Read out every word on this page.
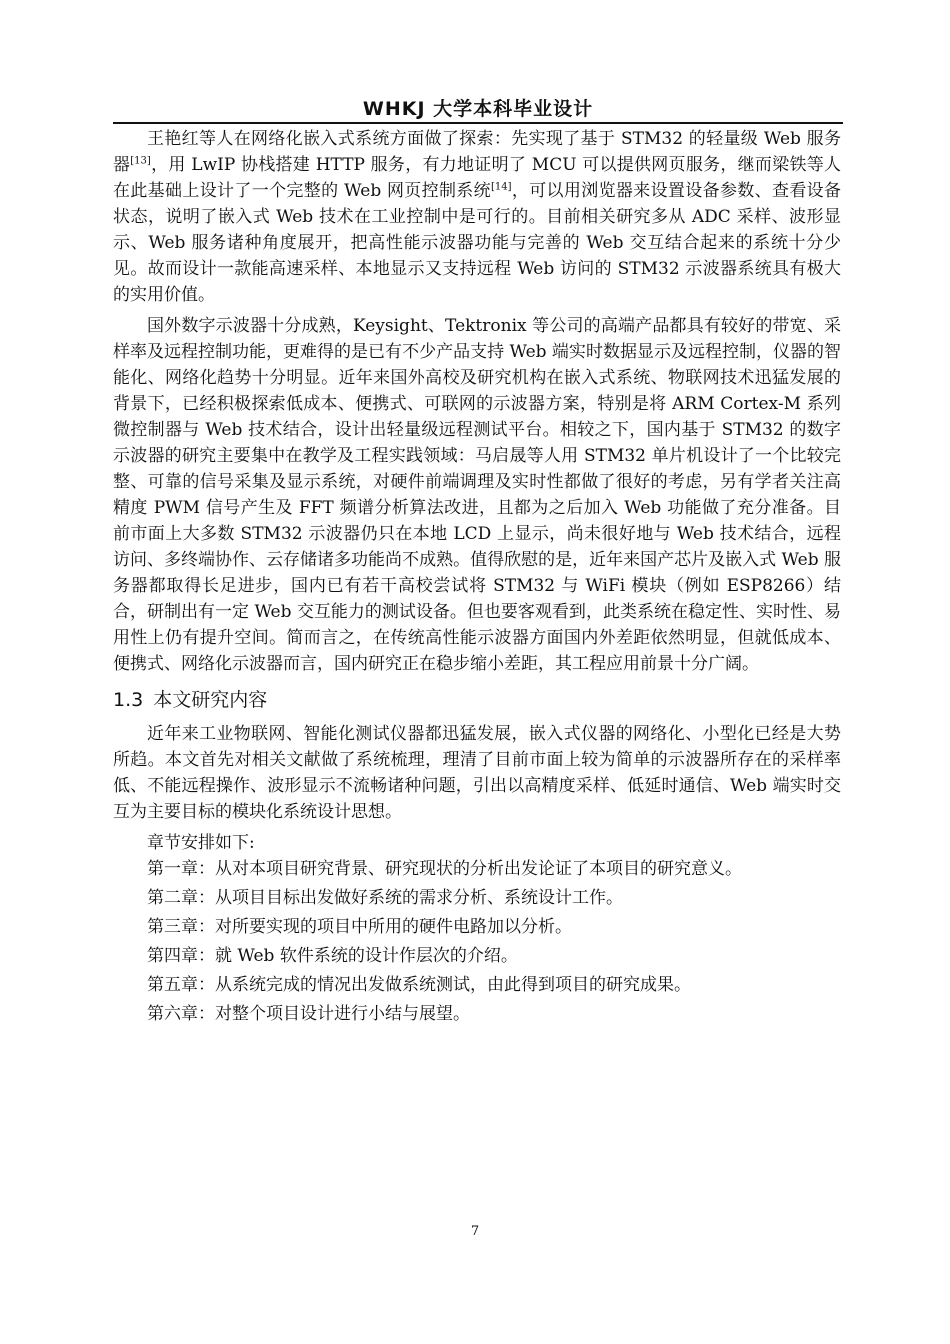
WHKJ 大学本科毕业设计

王艳红等人在网络化嵌入式系统方面做了探索：先实现了基于 STM32 的轻量级 Web 服务器[13]，用 LwIP 协栈搭建 HTTP 服务，有力地证明了 MCU 可以提供网页服务，继而梁铁等人在此基础上设计了一个完整的 Web 网页控制系统[14]，可以用浏览器来设置设备参数、查看设备状态，说明了嵌入式 Web 技术在工业控制中是可行的。目前相关研究多从 ADC 采样、波形显示、Web 服务诸种角度展开，把高性能示波器功能与完善的 Web 交互结合起来的系统十分少见。故而设计一款能高速采样、本地显示又支持远程 Web 访问的 STM32 示波器系统具有极大的实用价值。

国外数字示波器十分成熟，Keysight、Tektronix 等公司的高端产品都具有较好的带宽、采样率及远程控制功能，更难得的是已有不少产品支持 Web 端实时数据显示及远程控制，仪器的智能化、网络化趋势十分明显。近年来国外高校及研究机构在嵌入式系统、物联网技术迅猛发展的背景下，已经积极探索低成本、便携式、可联网的示波器方案，特别是将 ARM Cortex-M 系列微控制器与 Web 技术结合，设计出轻量级远程测试平台。相较之下，国内基于 STM32 的数字示波器的研究主要集中在教学及工程实践领域：马启晟等人用 STM32 单片机设计了一个比较完整、可靠的信号采集及显示系统，对硬件前端调理及实时性都做了很好的考虑，另有学者关注高精度 PWM 信号产生及 FFT 频谱分析算法改进，且都为之后加入 Web 功能做了充分准备。目前市面上大多数 STM32 示波器仍只在本地 LCD 上显示，尚未很好地与 Web 技术结合，远程访问、多终端协作、云存储诸多功能尚不成熟。值得欣慰的是，近年来国产芯片及嵌入式 Web 服务器都取得长足进步，国内已有若干高校尝试将 STM32 与 WiFi 模块（例如 ESP8266）结合，研制出有一定 Web 交互能力的测试设备。但也要客观看到，此类系统在稳定性、实时性、易用性上仍有提升空间。简而言之，在传统高性能示波器方面国内外差距依然明显，但就低成本、便携式、网络化示波器而言，国内研究正在稳步缩小差距，其工程应用前景十分广阔。

1.3 本文研究内容

近年来工业物联网、智能化测试仪器都迅猛发展，嵌入式仪器的网络化、小型化已经是大势所趋。本文首先对相关文献做了系统梳理，理清了目前市面上较为简单的示波器所存在的采样率低、不能远程操作、波形显示不流畅诸种问题，引出以高精度采样、低延时通信、Web 端实时交互为主要目标的模块化系统设计思想。

章节安排如下:

第一章：从对本项目研究背景、研究现状的分析出发论证了本项目的研究意义。
第二章：从项目目标出发做好系统的需求分析、系统设计工作。
第三章：对所要实现的项目中所用的硬件电路加以分析。
第四章：就 Web 软件系统的设计作层次的介绍。
第五章：从系统完成的情况出发做系统测试，由此得到项目的研究成果。
第六章：对整个项目设计进行小结与展望。
7
